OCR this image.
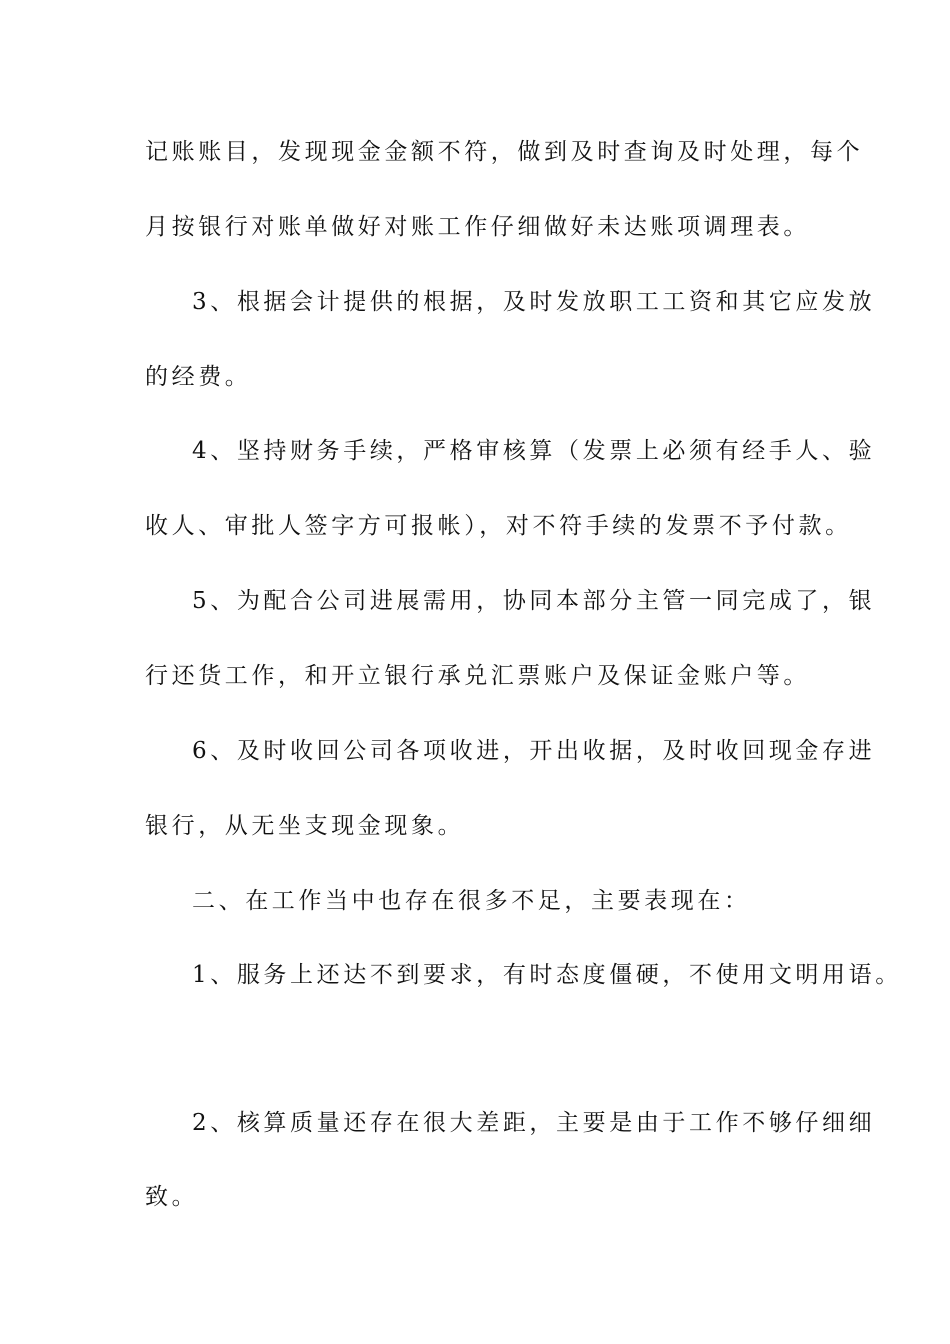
记账账目，发现现金金额不符，做到及时查询及时处理，每个
月按银行对账单做好对账工作仔细做好未达账项调理表。
3、根据会计提供的根据，及时发放职工工资和其它应发放
的经费。
4、坚持财务手续，严格审核算（发票上必须有经手人、验
收人、审批人签字方可报帐），对不符手续的发票不予付款。
5、为配合公司进展需用，协同本部分主管一同完成了，银
行还货工作，和开立银行承兑汇票账户及保证金账户等。
6、及时收回公司各项收进，开出收据，及时收回现金存进
银行，从无坐支现金现象。
二、在工作当中也存在很多不足，主要表现在：
1、服务上还达不到要求，有时态度僵硬，不使用文明用语。
2、核算质量还存在很大差距，主要是由于工作不够仔细细
致。
